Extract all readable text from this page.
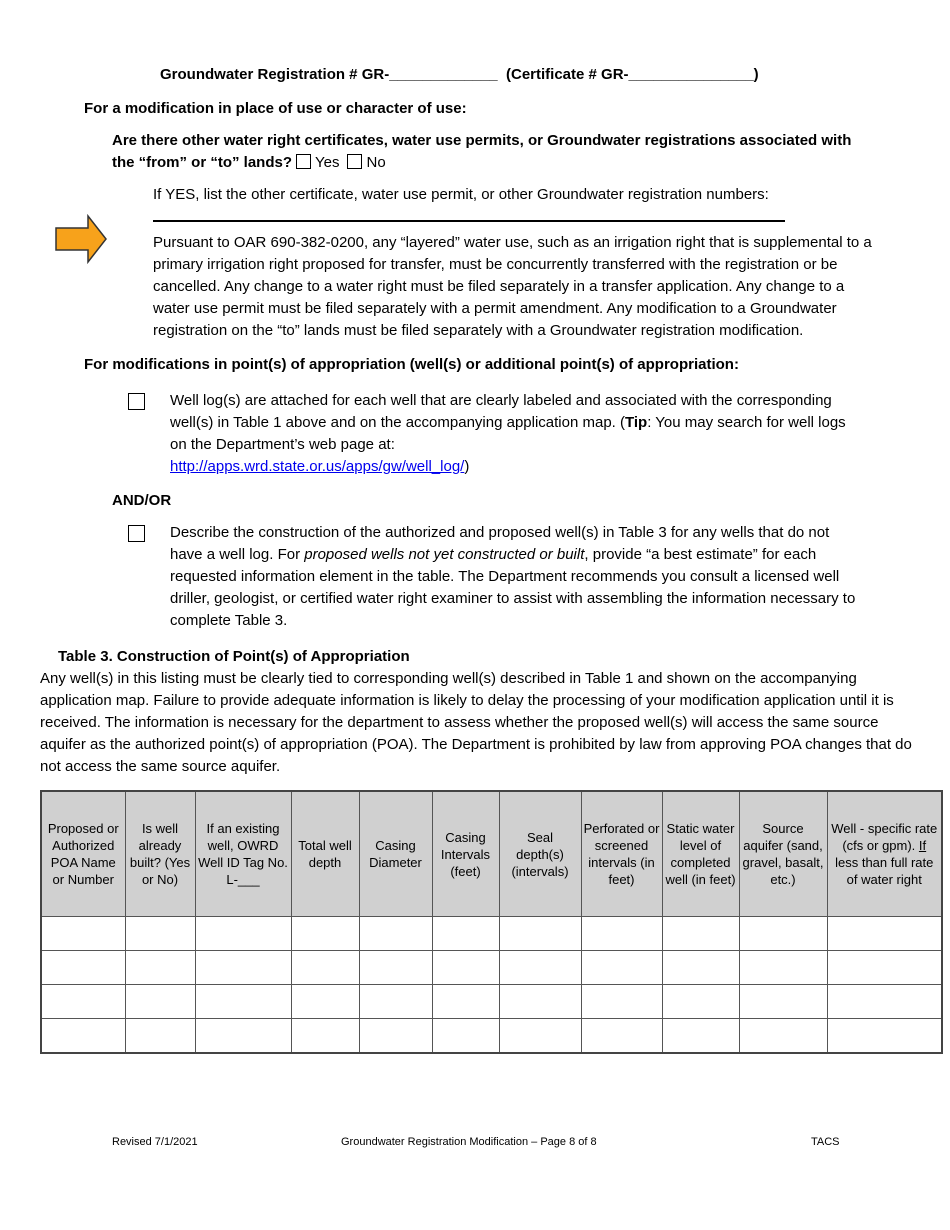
Groundwater Registration # GR-_____________ (Certificate # GR-_______________)

For a modification in place of use or character of use:

Are there other water right certificates, water use permits, or Groundwater registrations associated with the “from” or “to” lands? Yes No

If YES, list the other certificate, water use permit, or other Groundwater registration numbers:

Pursuant to OAR 690-382-0200, any “layered” water use, such as an irrigation right that is supplemental to a primary irrigation right proposed for transfer, must be concurrently transferred with the registration or be cancelled. Any change to a water right must be filed separately in a transfer application. Any change to a water use permit must be filed separately with a permit amendment. Any modification to a Groundwater registration on the “to” lands must be filed separately with a Groundwater registration modification.

For modifications in point(s) of appropriation (well(s) or additional point(s) of appropriation:

Well log(s) are attached for each well that are clearly labeled and associated with the corresponding well(s) in Table 1 above and on the accompanying application map. (Tip: You may search for well logs on the Department’s web page at:
http://apps.wrd.state.or.us/apps/gw/well_log/)

AND/OR

Describe the construction of the authorized and proposed well(s) in Table 3 for any wells that do not have a well log. For proposed wells not yet constructed or built, provide “a best estimate” for each requested information element in the table. The Department recommends you consult a licensed well driller, geologist, or certified water right examiner to assist with assembling the information necessary to complete Table 3.

Table 3. Construction of Point(s) of Appropriation

Any well(s) in this listing must be clearly tied to corresponding well(s) described in Table 1 and shown on the accompanying application map. Failure to provide adequate information is likely to delay the processing of your modification application until it is received. The information is necessary for the department to assess whether the proposed well(s) will access the same source aquifer as the authorized point(s) of appropriation (POA). The Department is prohibited by law from approving POA changes that do not access the same source aquifer.

Proposed or Authorized POA Name or Number	Is well already built? (Yes or No)	If an existing well, OWRD Well ID Tag No. L-___	Total well depth	Casing Diameter	Casing Intervals (feet)	Seal depth(s) (intervals)	Perforated or screened intervals (in feet)	Static water level of completed well (in feet)	Source aquifer (sand, gravel, basalt, etc.)	Well - specific rate (cfs or gpm). If less than full rate of water right

Revised 7/1/2021	Groundwater Registration Modification – Page 8 of 8	TACS
